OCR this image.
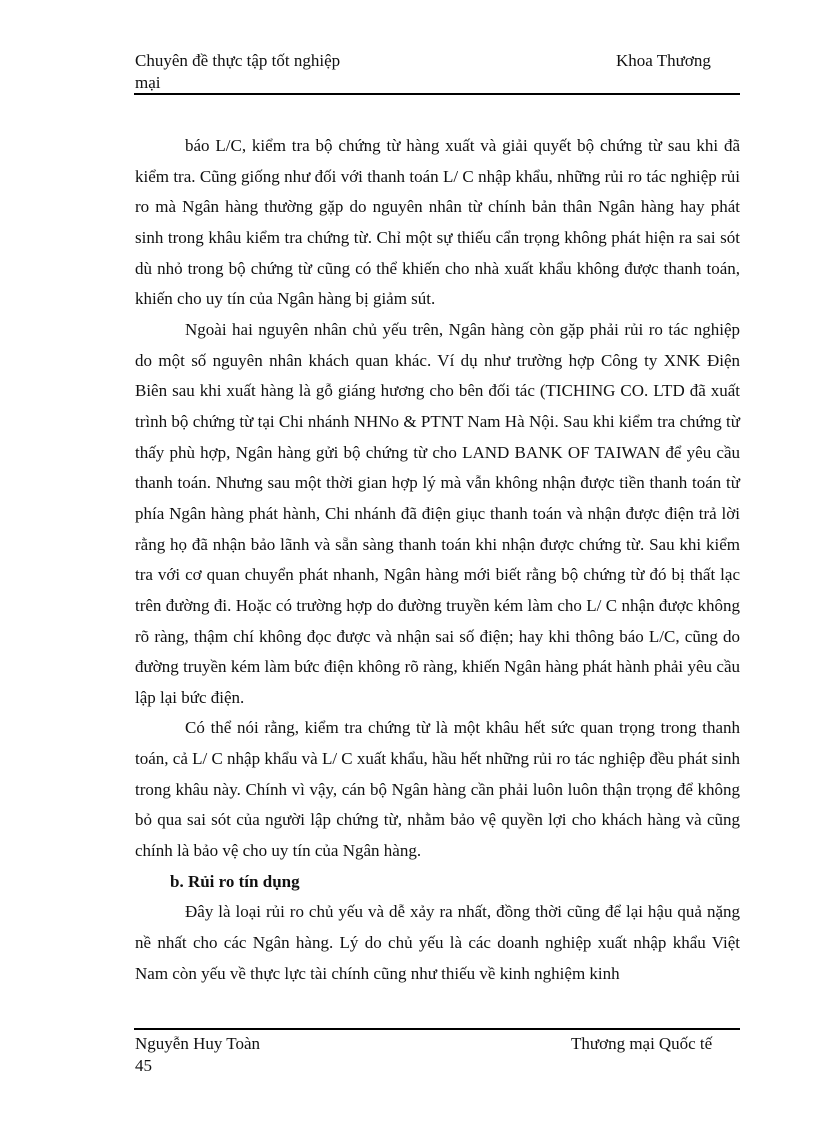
Chuyên đề thực tập tốt nghiệp
mại
Khoa Thương

báo L/C, kiểm tra bộ chứng từ hàng xuất và giải quyết bộ chứng từ sau khi đã kiểm tra. Cũng giống như đối với thanh toán L/ C nhập khẩu, những rủi ro tác nghiệp rủi ro mà Ngân hàng thường gặp do nguyên nhân từ chính bản thân Ngân hàng hay phát sinh trong khâu kiểm tra chứng từ. Chỉ một sự thiếu cẩn trọng không phát hiện ra sai sót dù nhỏ trong bộ chứng từ cũng có thể khiến cho nhà xuất khẩu không được thanh toán, khiến cho uy tín của Ngân hàng bị giảm sút.

Ngoài hai nguyên nhân chủ yếu trên, Ngân hàng còn gặp phải rủi ro tác nghiệp do một số nguyên nhân khách quan khác. Ví dụ như trường hợp Công ty XNK Điện Biên sau khi xuất hàng là gỗ giáng hương cho bên đối tác (TICHING CO. LTD đã xuất trình bộ chứng từ tại Chi nhánh NHNo & PTNT Nam Hà Nội. Sau khi kiểm tra chứng từ thấy phù hợp, Ngân hàng gửi bộ chứng từ cho LAND BANK OF TAIWAN để yêu cầu thanh toán. Nhưng sau một thời gian hợp lý mà vẫn không nhận được tiền thanh toán từ phía Ngân hàng phát hành, Chi nhánh đã điện giục thanh toán và nhận được điện trả lời rằng họ đã nhận bảo lãnh và sẵn sàng thanh toán khi nhận được chứng từ. Sau khi kiểm tra với cơ quan chuyển phát nhanh, Ngân hàng mới biết rằng bộ chứng từ đó bị thất lạc trên đường đi. Hoặc có trường hợp do đường truyền kém làm cho L/ C nhận được không rõ ràng, thậm chí không đọc được và nhận sai số điện; hay khi thông báo L/C, cũng do đường truyền kém làm bức điện không rõ ràng, khiến Ngân hàng phát hành phải yêu cầu lập lại bức điện.

Có thể nói rằng, kiểm tra chứng từ là một khâu hết sức quan trọng trong thanh toán, cả L/ C nhập khẩu và L/ C xuất khẩu, hầu hết những rủi ro tác nghiệp đều phát sinh trong khâu này. Chính vì vậy, cán bộ Ngân hàng cần phải luôn luôn thận trọng để không bỏ qua sai sót của người lập chứng từ, nhằm bảo vệ quyền lợi cho khách hàng và cũng chính là bảo vệ cho uy tín của Ngân hàng.

b. Rủi ro tín dụng

Đây là loại rủi ro chủ yếu và dễ xảy ra nhất, đồng thời cũng để lại hậu quả nặng nề nhất cho các Ngân hàng. Lý do chủ yếu là các doanh nghiệp xuất nhập khẩu Việt Nam còn yếu về thực lực tài chính cũng như thiếu về kinh nghiệm kinh

Nguyễn Huy Toàn
45
Thương mại Quốc tế
